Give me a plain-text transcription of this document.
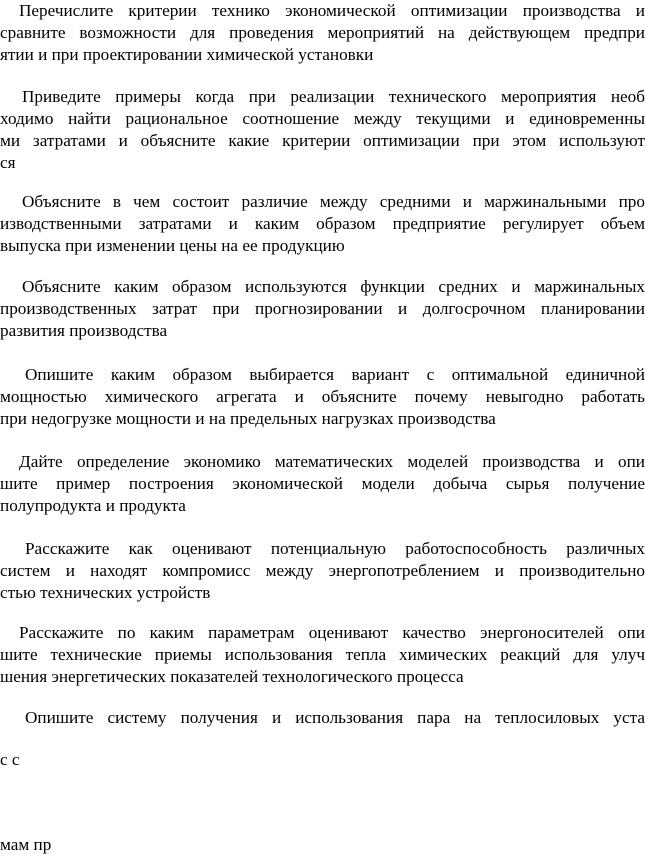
Перечислите критерии технико экономической оптимизации производства и
сравните возможности для проведения мероприятий на действующем предпри
ятии и при проектировании химической установки
Приведите примеры когда при реализации технического мероприятия необ
ходимо найти рациональное соотношение между текущими и единовременны
ми затратами и объясните какие критерии оптимизации при этом используют
ся
Объясните в чем состоит различие между средними и маржинальными про
изводственными затратами и каким образом предприятие регулирует объем
выпуска при изменении цены на ее продукцию
Объясните каким образом используются функции средних и маржинальных
производственных затрат при прогнозировании и долгосрочном планировании
развития производства
Опишите каким образом выбирается вариант с оптимальной единичной
мощностью химического агрегата и объясните почему невыгодно работать
при недогрузке мощности и на предельных нагрузках производства
Дайте определение экономико математических моделей производства и опи
шите пример построения экономической модели добыча сырья получение
полупродукта и продукта
Расскажите как оценивают потенциальную работоспособность различных
систем и находят компромисс между энергопотреблением и производительно
стью технических устройств
Расскажите по каким параметрам оценивают качество энергоносителей опи
шите технические приемы использования тепла химических реакций для улуч
шения энергетических показателей технологического процесса
Опишите систему получения и использования пара на теплосиловых уста
с с
мам пр
